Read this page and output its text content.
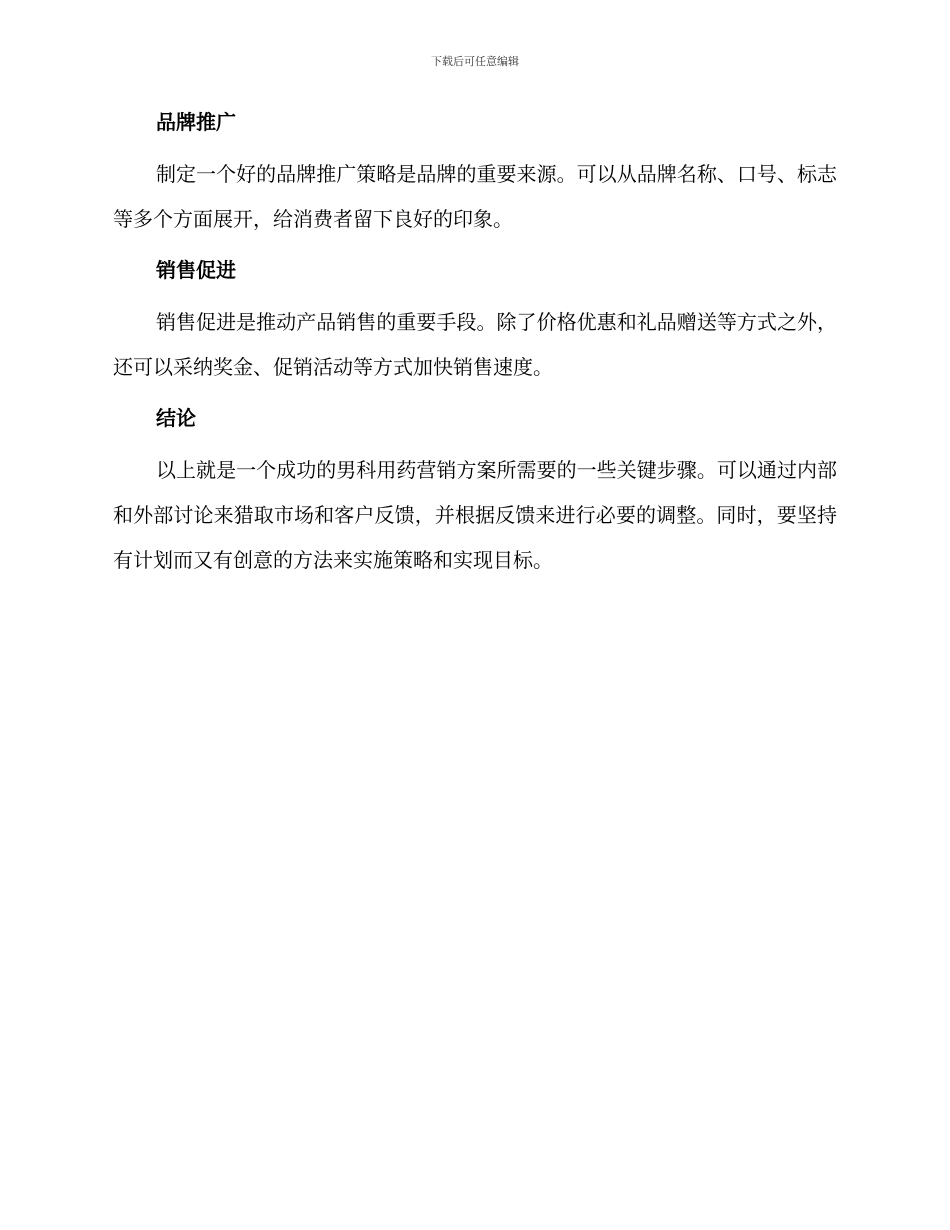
下载后可任意编辑
品牌推广

制定一个好的品牌推广策略是品牌的重要来源。可以从品牌名称、口号、标志等多个方面展开，给消费者留下良好的印象。

销售促进

销售促进是推动产品销售的重要手段。除了价格优惠和礼品赠送等方式之外，还可以采纳奖金、促销活动等方式加快销售速度。

结论

以上就是一个成功的男科用药营销方案所需要的一些关键步骤。可以通过内部和外部讨论来猎取市场和客户反馈，并根据反馈来进行必要的调整。同时，要坚持有计划而又有创意的方法来实施策略和实现目标。
